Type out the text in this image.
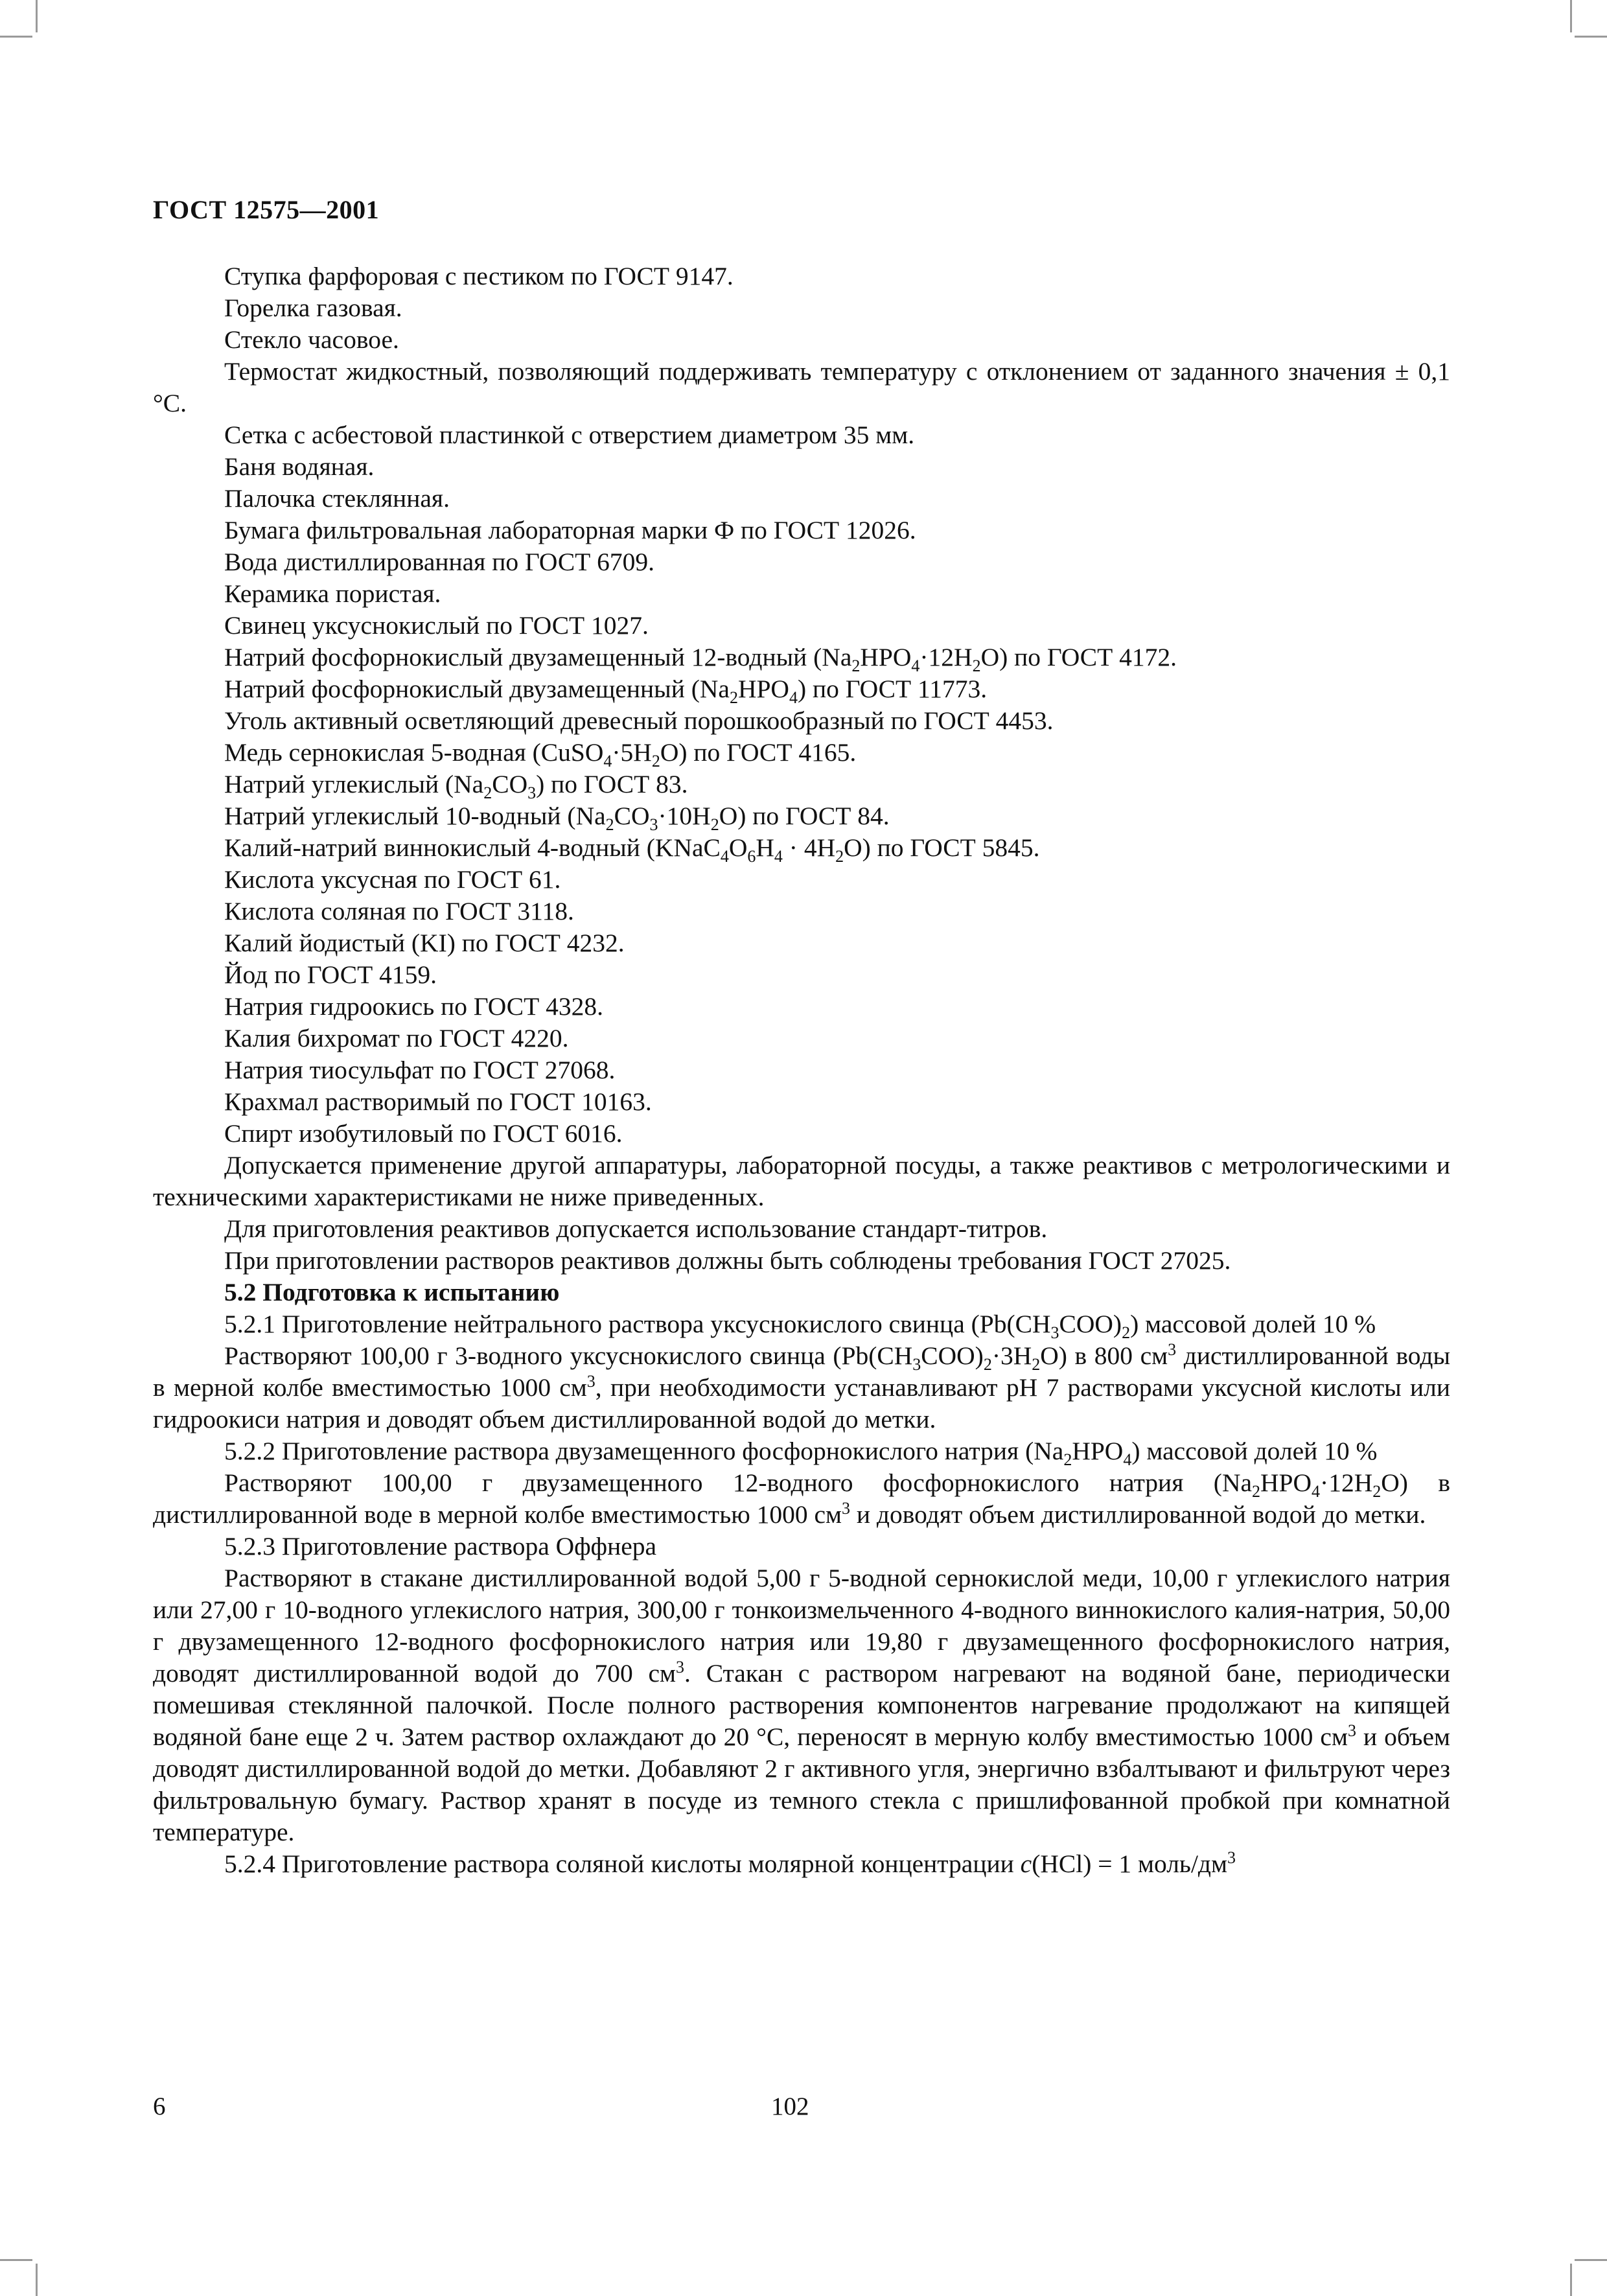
ГОСТ 12575—2001

Ступка фарфоровая с пестиком по ГОСТ 9147.

Горелка газовая.

Стекло часовое.

Термостат жидкостный, позволяющий поддерживать температуру с отклонением от заданного значения ± 0,1 °С.

Сетка с асбестовой пластинкой с отверстием диаметром 35 мм.

Баня водяная.

Палочка стеклянная.

Бумага фильтровальная лабораторная марки Ф по ГОСТ 12026.

Вода дистиллированная по ГОСТ 6709.

Керамика пористая.

Свинец уксуснокислый по ГОСТ 1027.

Натрий фосфорнокислый двузамещенный 12-водный $(Na_2HPO_4\cdot 12H_2O)$ по ГОСТ 4172.

Натрий фосфорнокислый двузамещенный $(Na_2HPO_4)$ по ГОСТ 11773.

Уголь активный осветляющий древесный порошкообразный по ГОСТ 4453.

Медь сернокислая 5-водная $(CuSO_4\cdot 5H_2O)$ по ГОСТ 4165.

Натрий углекислый $(Na_2CO_3)$ по ГОСТ 83.

Натрий углекислый 10-водный $(Na_2CO_3\cdot 10H_2O)$ по ГОСТ 84.

Калий-натрий виннокислый 4-водный $(KNaC_4O_6H_4 \cdot 4H_2O)$ по ГОСТ 5845.

Кислота уксусная по ГОСТ 61.

Кислота соляная по ГОСТ 3118.

Калий йодистый (KI) по ГОСТ 4232.

Йод по ГОСТ 4159.

Натрия гидроокись по ГОСТ 4328.

Калия бихромат по ГОСТ 4220.

Натрия тиосульфат по ГОСТ 27068.

Крахмал растворимый по ГОСТ 10163.

Спирт изобутиловый по ГОСТ 6016.

Допускается применение другой аппаратуры, лабораторной посуды, а также реактивов с метрологическими и техническими характеристиками не ниже приведенных.

Для приготовления реактивов допускается использование стандарт-титров.

При приготовлении растворов реактивов должны быть соблюдены требования ГОСТ 27025.

5.2 Подготовка к испытанию

5.2.1 Приготовление нейтрального раствора уксуснокислого свинца $(Pb(CH_3COO)_2)$ массовой долей 10 %

Растворяют 100,00 г 3-водного уксуснокислого свинца $(Pb(CH_3COO)_2\cdot 3H_2O)$ в 800 $см^3$ дистиллированной воды в мерной колбе вместимостью 1000 $см^3$, при необходимости устанавливают pH 7 растворами уксусной кислоты или гидроокиси натрия и доводят объем дистиллированной водой до метки.

5.2.2 Приготовление раствора двузамещенного фосфорнокислого натрия $(Na_2HPO_4)$ массовой долей 10 %

Растворяют 100,00 г двузамещенного 12-водного фосфорнокислого натрия $(Na_2HPO_4\cdot 12H_2O)$ в дистиллированной воде в мерной колбе вместимостью 1000 $см^3$ и доводят объем дистиллированной водой до метки.

5.2.3 Приготовление раствора Оффнера

Растворяют в стакане дистиллированной водой 5,00 г 5-водной сернокислой меди, 10,00 г углекислого натрия или 27,00 г 10-водного углекислого натрия, 300,00 г тонкоизмельченного 4-водного виннокислого калия-натрия, 50,00 г двузамещенного 12-водного фосфорнокислого натрия или 19,80 г двузамещенного фосфорнокислого натрия, доводят дистиллированной водой до 700 $см^3$. Стакан с раствором нагревают на водяной бане, периодически помешивая стеклянной палочкой. После полного растворения компонентов нагревание продолжают на кипящей водяной бане еще 2 ч. Затем раствор охлаждают до 20 °С, переносят в мерную колбу вместимостью 1000 $см^3$ и объем доводят дистиллированной водой до метки. Добавляют 2 г активного угля, энергично взбалтывают и фильтруют через фильтровальную бумагу. Раствор хранят в посуде из темного стекла с пришлифованной пробкой при комнатной температуре.

5.2.4 Приготовление раствора соляной кислоты молярной концентрации c(HCl) = 1 моль/$дм^3$

6	102
